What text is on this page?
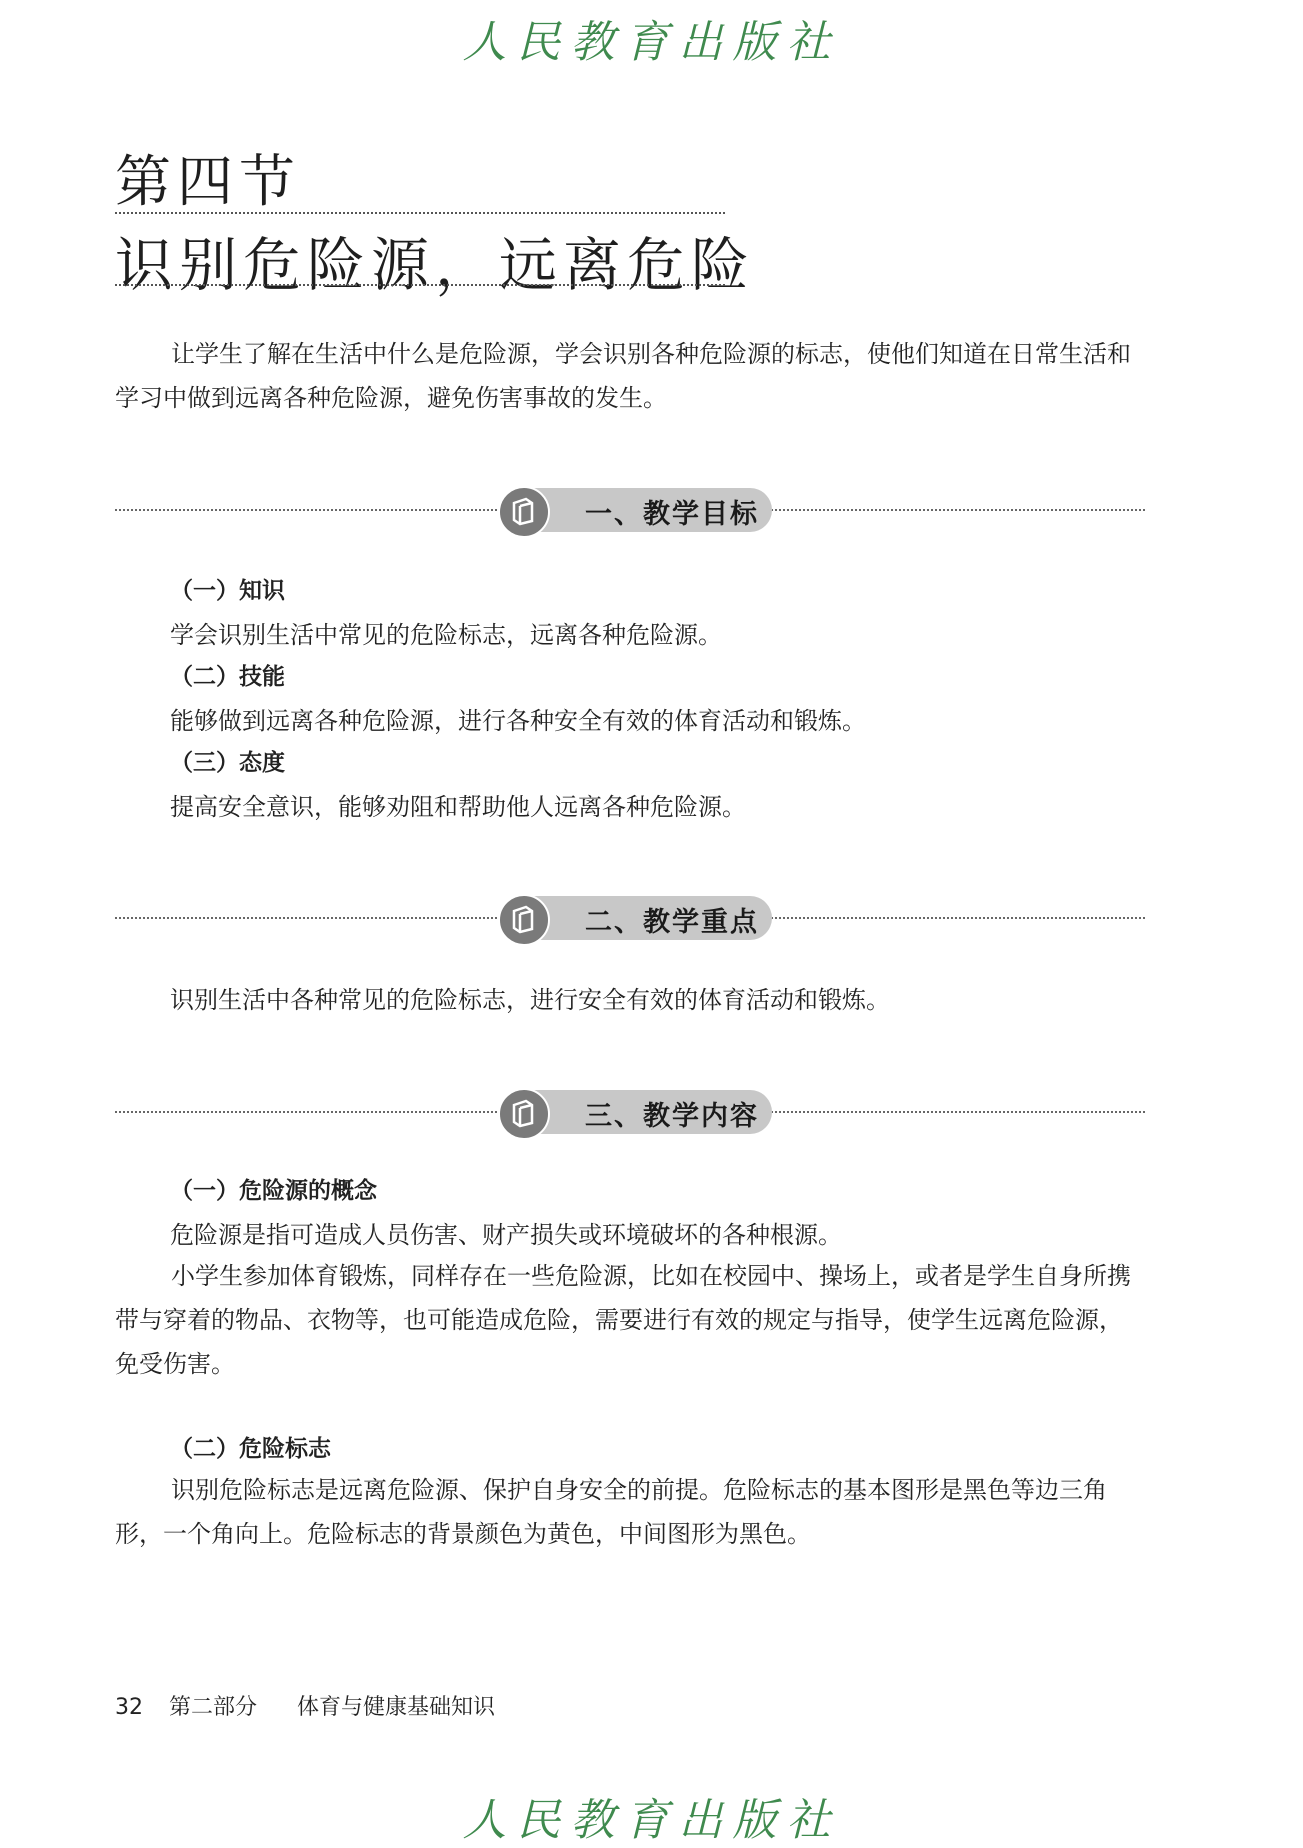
人民教育出版社
第四节
识别危险源，远离危险

让学生了解在生活中什么是危险源，学会识别各种危险源的标志，使他们知道在日常生活和学习中做到远离各种危险源，避免伤害事故的发生。

一、教学目标
（一）知识

学会识别生活中常见的危险标志，远离各种危险源。

（二）技能

能够做到远离各种危险源，进行各种安全有效的体育活动和锻炼。

（三）态度

提高安全意识，能够劝阻和帮助他人远离各种危险源。

二、教学重点

识别生活中各种常见的危险标志，进行安全有效的体育活动和锻炼。

三、教学内容
（一）危险源的概念

危险源是指可造成人员伤害、财产损失或环境破坏的各种根源。

小学生参加体育锻炼，同样存在一些危险源，比如在校园中、操场上，或者是学生自身所携带与穿着的物品、衣物等，也可能造成危险，需要进行有效的规定与指导，使学生远离危险源，免受伤害。

（二）危险标志

识别危险标志是远离危险源、保护自身安全的前提。危险标志的基本图形是黑色等边三角形，一个角向上。危险标志的背景颜色为黄色，中间图形为黑色。

32 第二部分 体育与健康基础知识
人民教育出版社
